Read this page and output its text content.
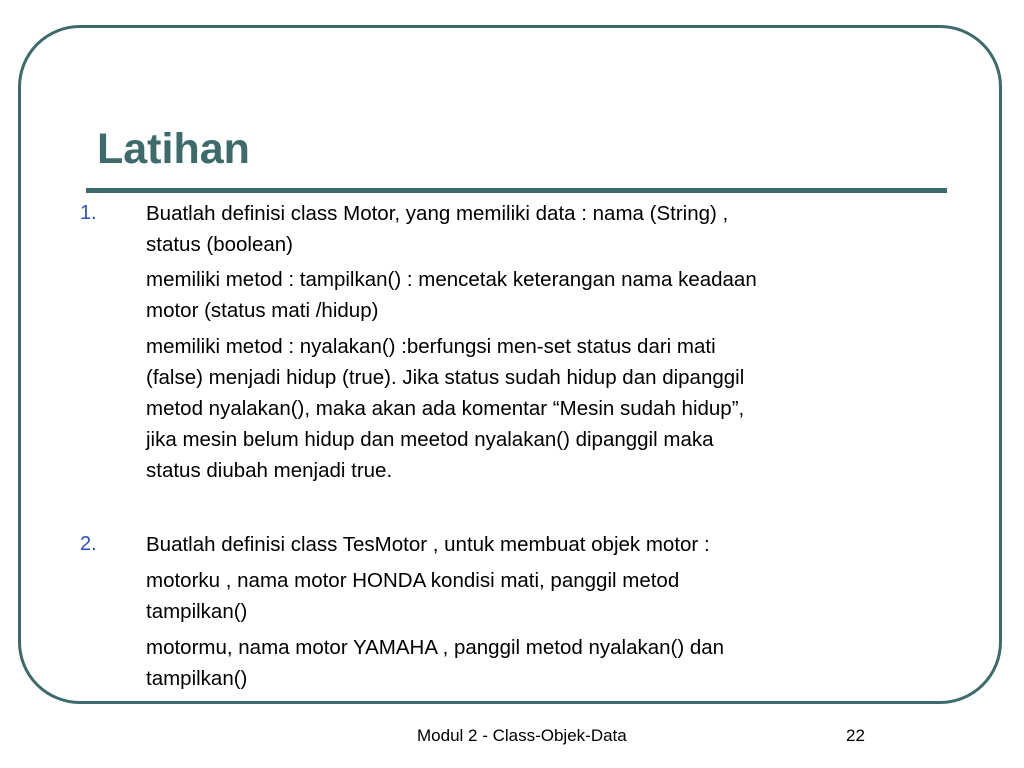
Latihan
1. Buatlah definisi class Motor, yang memiliki data : nama (String) ,
status (boolean)
memiliki metod : tampilkan() : mencetak keterangan nama keadaan
motor (status mati /hidup)
memiliki metod : nyalakan() :berfungsi men-set status dari mati
(false) menjadi hidup (true). Jika status sudah hidup dan dipanggil
metod nyalakan(), maka akan ada komentar “Mesin sudah hidup”,
jika mesin belum hidup dan meetod nyalakan() dipanggil maka
status diubah menjadi true.
2. Buatlah definisi class TesMotor , untuk membuat objek motor :
motorku , nama motor HONDA kondisi mati, panggil metod
tampilkan()
motormu, nama motor YAMAHA , panggil metod nyalakan() dan
tampilkan()
Modul 2 - Class-Objek-Data	22
